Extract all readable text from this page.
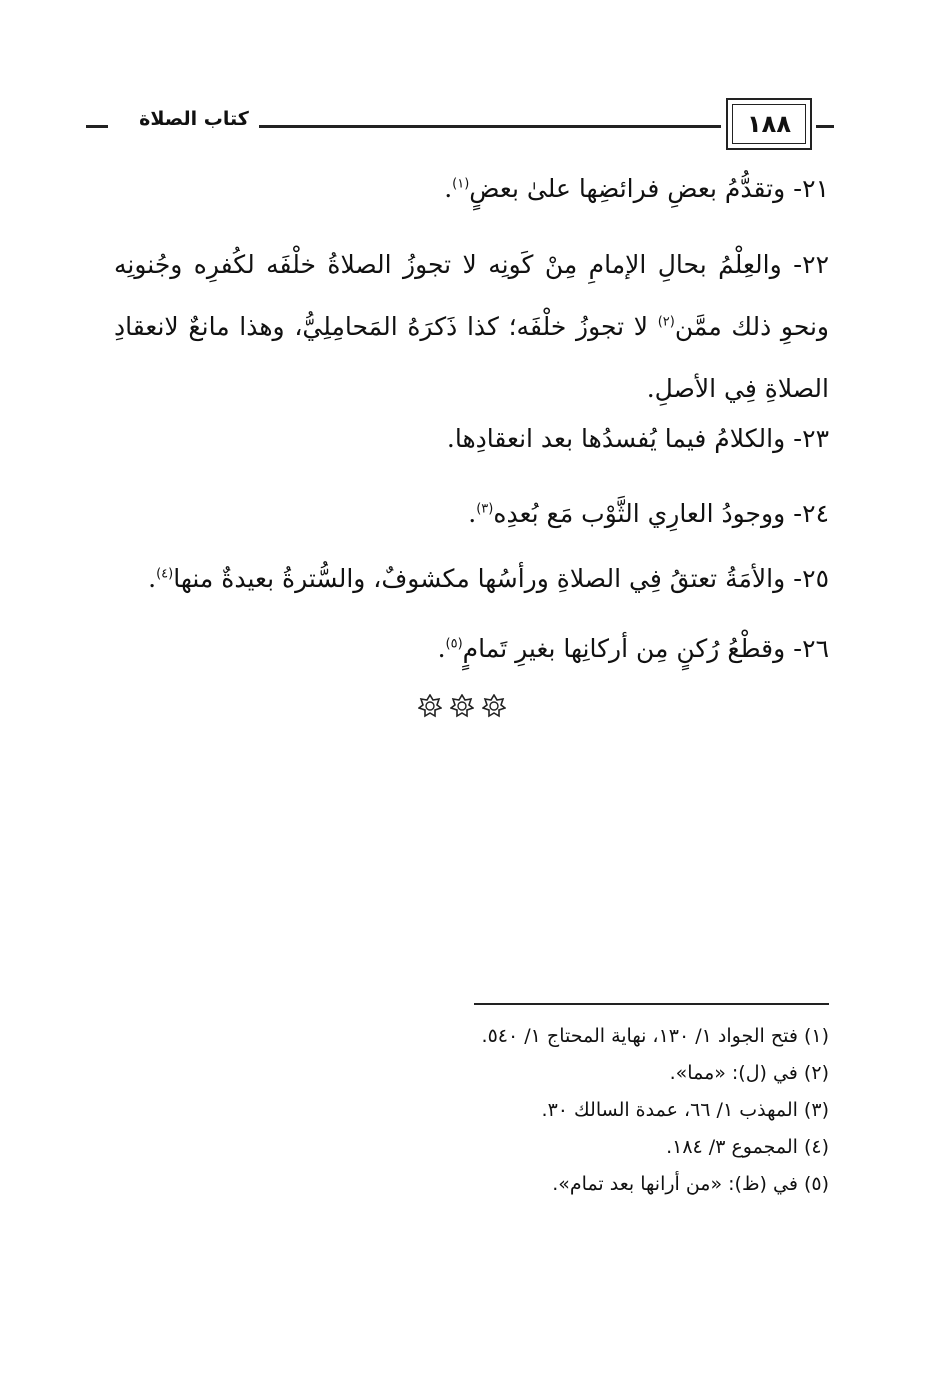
١٨٨
كتاب الصلاة
٢١- وتقدُّمُ بعضِ فرائضِها علىٰ بعضٍ$^{(١)}$.
٢٢- والعِلْمُ بحالِ الإمامِ مِنْ كَونِه لا تجوزُ الصلاةُ خلْفَه لكُفرِه وجُنونِه ونحوِ ذلك ممَّن$^{(٢)}$ لا تجوزُ خلْفَه؛ كذا ذَكرَهُ المَحامِلِيُّ، وهذا مانعٌ لانعقادِ الصلاةِ فِي الأصلِ.
٢٣- والكلامُ فيما يُفسدُها بعد انعقادِها.
٢٤- ووجودُ العارِي الثَّوْب مَع بُعدِه$^{(٣)}$.
٢٥- والأمَةُ تعتقُ فِي الصلاةِ ورأسُها مكشوفٌ، والسُّترةُ بعيدةٌ منها$^{(٤)}$.
٢٦- وقطْعُ رُكنٍ مِن أركانِها بغيرِ تَمامٍ$^{(٥)}$.
(١) فتح الجواد ١/ ١٣٠، نهاية المحتاج ١/ ٥٤٠.
(٢) في (ل): «مما».
(٣) المهذب ١/ ٦٦، عمدة السالك ٣٠.
(٤) المجموع ٣/ ١٨٤.
(٥) في (ظ): «من أرانها بعد تمام».
